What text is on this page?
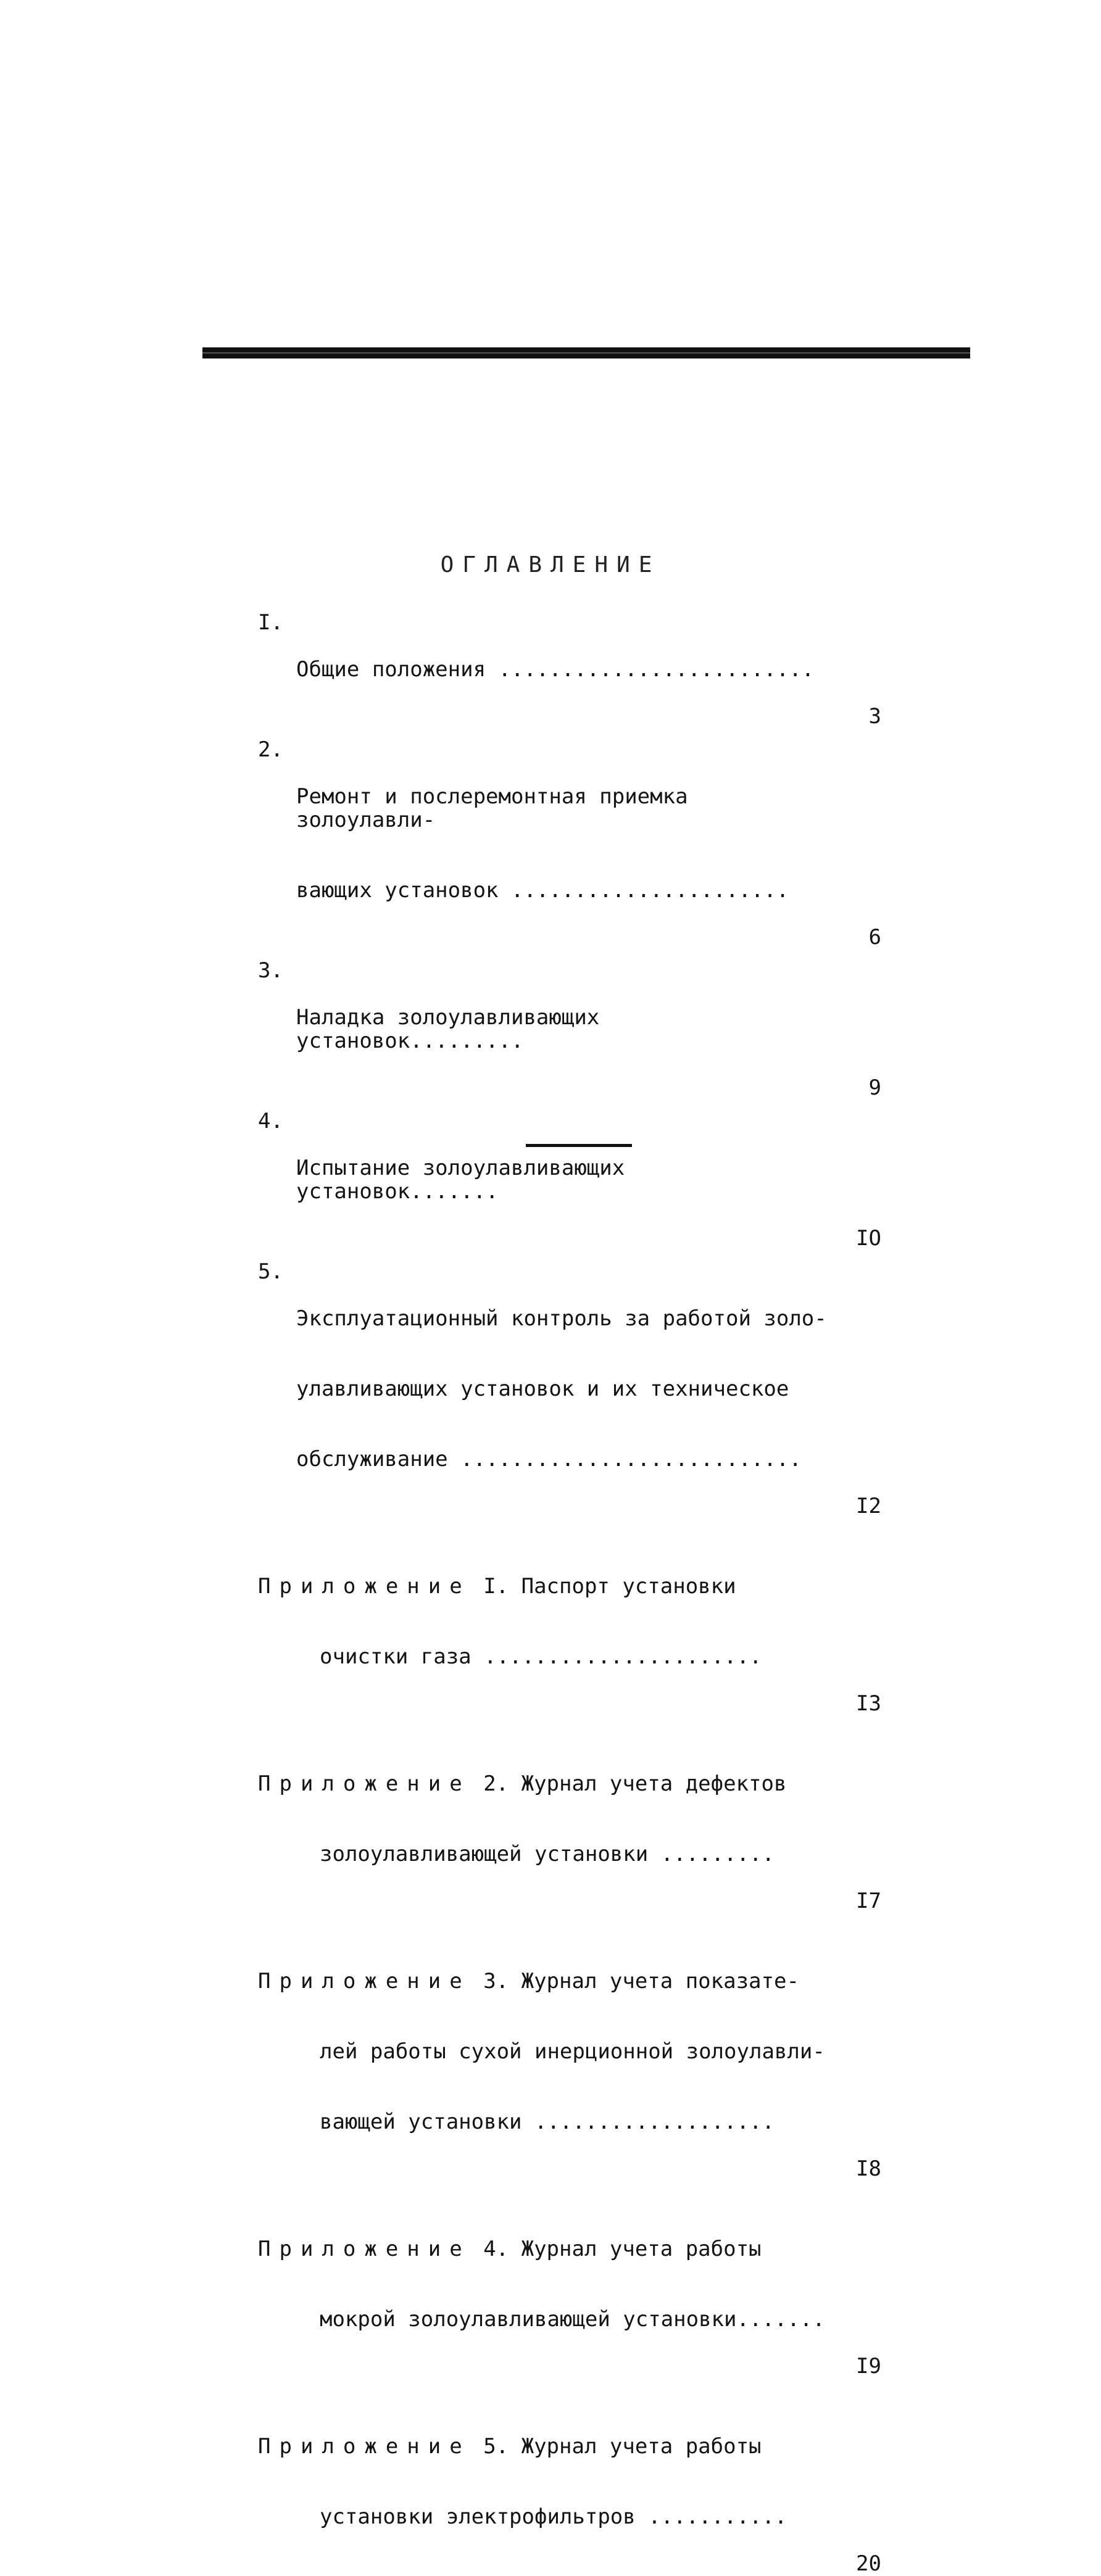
ОГЛАВЛЕНИЕ
I.

Общие положения .........................

3
2.

Ремонт и послеремонтная приемка золоулавли-

вающих установок ......................

6
3.

Наладка золоулавливающих установок.........

9
4.

Испытание золоулавливающих установок.......

IO
5.

Эксплуатационный контроль за работой золо-

улавливающих установок и их техническое

обслуживание ...........................

I2

Приложение I. Паспорт установки

очистки газа ......................

I3

Приложение 2. Журнал учета дефектов

золоулавливающей установки .........

I7

Приложение 3. Журнал учета показате-

лей работы сухой инерционной золоулавли-

вающей установки ...................

I8

Приложение 4. Журнал учета работы

мокрой золоулавливающей установки.......

I9

Приложение 5. Журнал учета работы

установки электрофильтров ...........

20
